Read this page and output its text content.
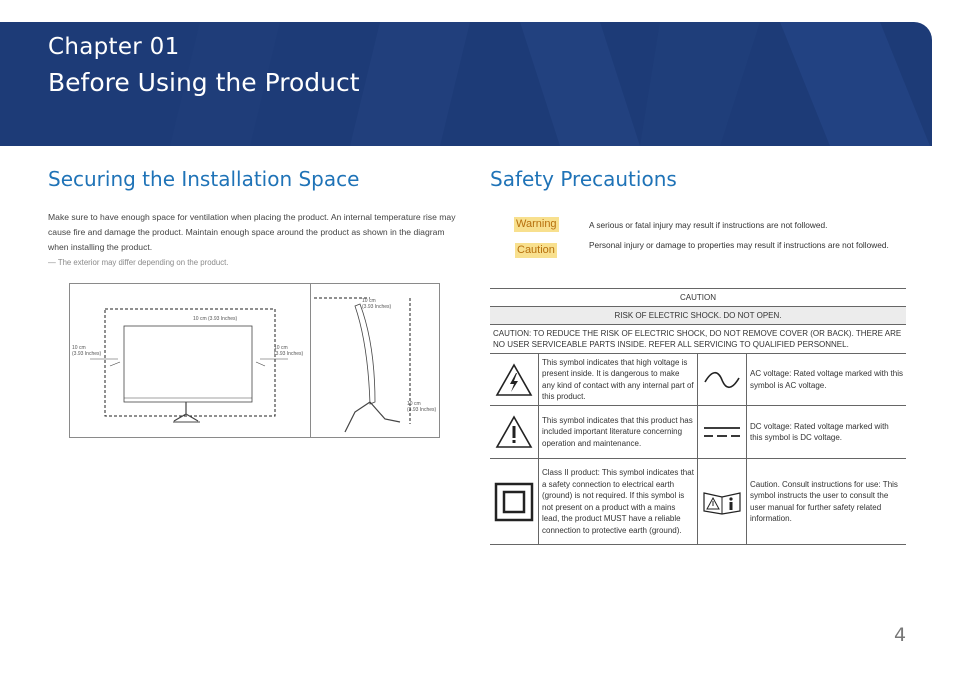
Chapter 01
Before Using the Product
Securing the Installation Space
Make sure to have enough space for ventilation when placing the product. An internal temperature rise may cause fire and damage the product. Maintain enough space around the product as shown in the diagram when installing the product.
— The exterior may differ depending on the product.
10 cm (3.93 Inches)
10 cm
(3.93 Inches)
10 cm
(3.93 Inches)
10 cm
(3.93 Inches)
10 cm
(3.93 Inches)
Safety Precautions
Warning	A serious or fatal injury may result if instructions are not followed.
Caution	Personal injury or damage to properties may result if instructions are not followed.
CAUTION			
RISK OF ELECTRIC SHOCK. DO NOT OPEN.			
CAUTION: TO REDUCE THE RISK OF ELECTRIC SHOCK, DO NOT REMOVE COVER (OR BACK). THERE ARE NO USER SERVICEABLE PARTS INSIDE. REFER ALL SERVICING TO QUALIFIED PERSONNEL.			

	This symbol indicates that high voltage is present inside. It is dangerous to make any kind of contact with any internal part of this product.		AC voltage: Rated voltage marked with this symbol is AC voltage.

	This symbol indicates that this product has included important literature concerning operation and maintenance.		DC voltage: Rated voltage marked with this symbol is DC voltage.

	Class II product: This symbol indicates that a safety connection to electrical earth (ground) is not required. If this symbol is not present on a product with a mains lead, the product MUST have a reliable connection to protective earth (ground).		Caution. Consult instructions for use: This symbol instructs the user to consult the user manual for further safety related information.
4
